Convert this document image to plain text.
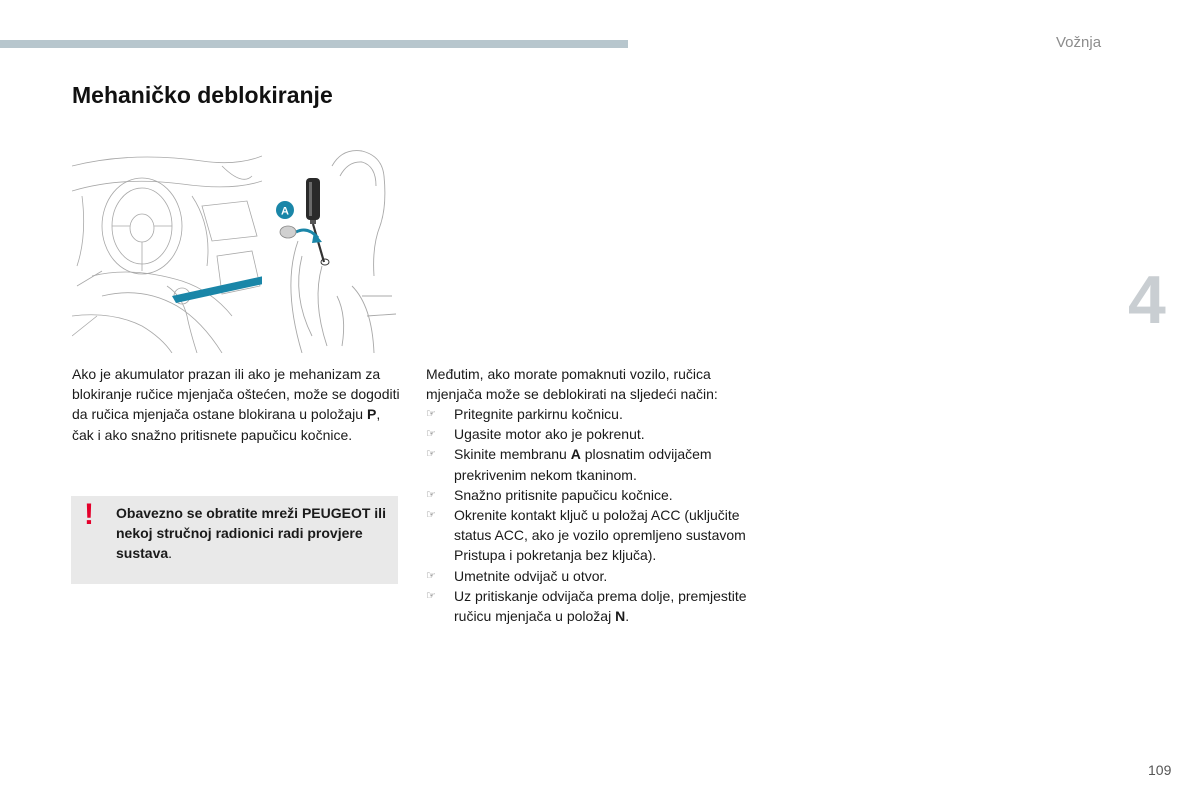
Vožnja
Mehaničko deblokiranje
4
109
A

Ako je akumulator prazan ili ako je mehanizam za blokiranje ručice mjenjača oštećen, može se dogoditi da ručica mjenjača ostane blokirana u položaju P, čak i ako snažno pritisnete papučicu kočnice.

! Obavezno se obratite mreži PEUGEOT ili nekoj stručnoj radionici radi provjere sustava.

Međutim, ako morate pomaknuti vozilo, ručica mjenjača može se deblokirati na sljedeći način:

☞ Pritegnite parkirnu kočnicu.
☞ Ugasite motor ako je pokrenut.
☞ Skinite membranu A plosnatim odvijačem prekrivenim nekom tkaninom.
☞ Snažno pritisnite papučicu kočnice.
☞ Okrenite kontakt ključ u položaj ACC (uključite status ACC, ako je vozilo opremljeno sustavom Pristupa i pokretanja bez ključa).
☞ Umetnite odvijač u otvor.
☞ Uz pritiskanje odvijača prema dolje, premjestite ručicu mjenjača u položaj N.
